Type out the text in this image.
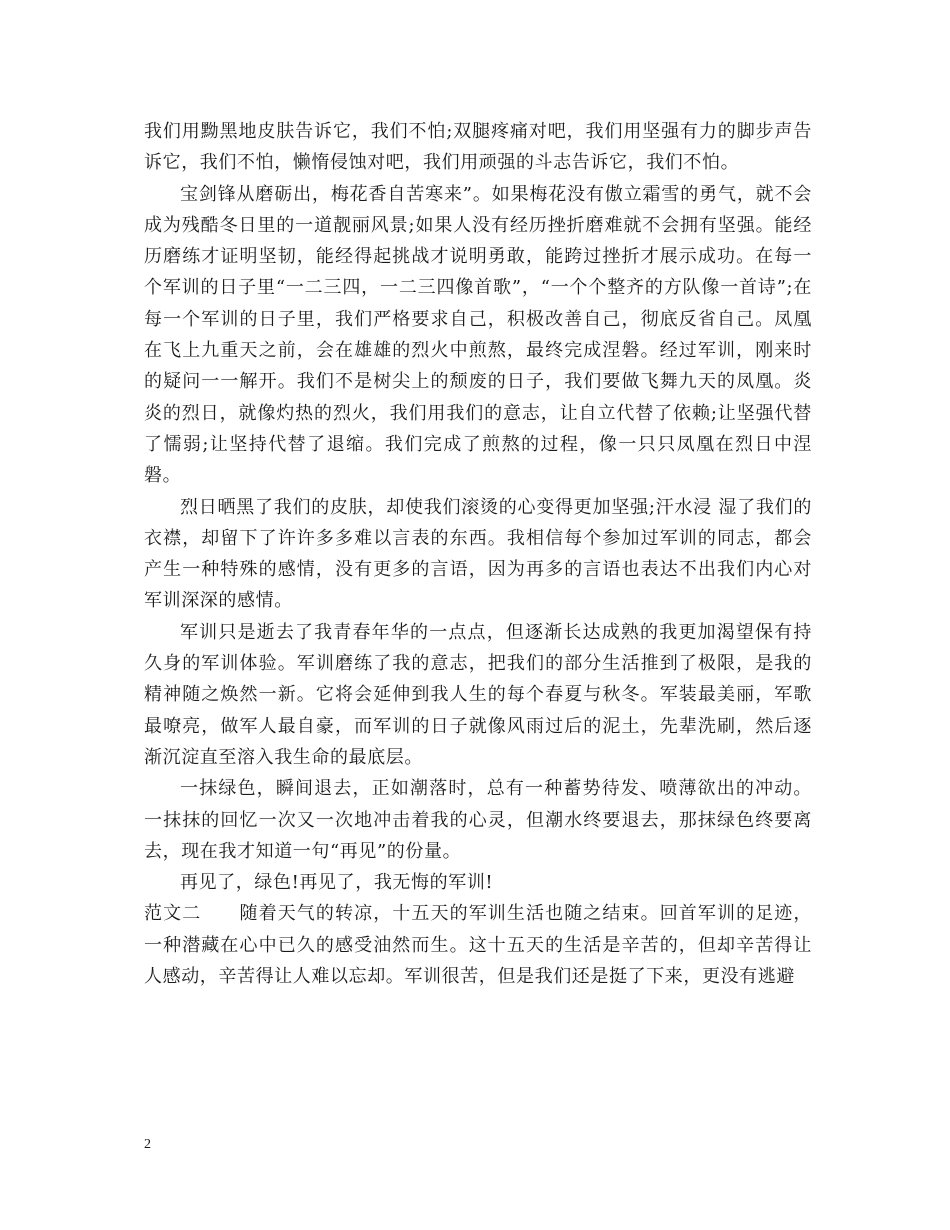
我们用黝黑地皮肤告诉它，我们不怕;双腿疼痛对吧，我们用坚强有力的脚步声告诉它，我们不怕，懒惰侵蚀对吧，我们用顽强的斗志告诉它，我们不怕。

宝剑锋从磨砺出，梅花香自苦寒来”。如果梅花没有傲立霜雪的勇气，就不会成为残酷冬日里的一道靓丽风景;如果人没有经历挫折磨难就不会拥有坚强。能经历磨练才证明坚韧，能经得起挑战才说明勇敢，能跨过挫折才展示成功。在每一个军训的日子里“一二三四，一二三四像首歌”，“一个个整齐的方队像一首诗”;在每一个军训的日子里，我们严格要求自己，积极改善自己，彻底反省自己。凤凰在飞上九重天之前，会在雄雄的烈火中煎熬，最终完成涅磐。经过军训，刚来时的疑问一一解开。我们不是树尖上的颓废的日子，我们要做飞舞九天的凤凰。炎炎的烈日，就像灼热的烈火，我们用我们的意志，让自立代替了依赖;让坚强代替了懦弱;让坚持代替了退缩。我们完成了煎熬的过程，像一只只凤凰在烈日中涅磐。

烈日晒黑了我们的皮肤，却使我们滚烫的心变得更加坚强;汗水浸 湿了我们的衣襟，却留下了许许多多难以言表的东西。我相信每个参加过军训的同志，都会产生一种特殊的感情，没有更多的言语，因为再多的言语也表达不出我们内心对军训深深的感情。

军训只是逝去了我青春年华的一点点，但逐渐长达成熟的我更加渴望保有持久身的军训体验。军训磨练了我的意志，把我们的部分生活推到了极限，是我的精神随之焕然一新。它将会延伸到我人生的每个春夏与秋冬。军装最美丽，军歌最嘹亮，做军人最自豪，而军训的日子就像风雨过后的泥土，先辈洗刷，然后逐渐沉淀直至溶入我生命的最底层。

一抹绿色，瞬间退去，正如潮落时，总有一种蓄势待发、喷薄欲出的冲动。一抹抹的回忆一次又一次地冲击着我的心灵，但潮水终要退去，那抹绿色终要离去，现在我才知道一句“再见”的份量。

再见了，绿色!再见了，我无悔的军训!

范文二　　随着天气的转凉，十五天的军训生活也随之结束。回首军训的足迹，一种潜藏在心中已久的感受油然而生。这十五天的生活是辛苦的，但却辛苦得让人感动，辛苦得让人难以忘却。军训很苦，但是我们还是挺了下来，更没有逃避

2
